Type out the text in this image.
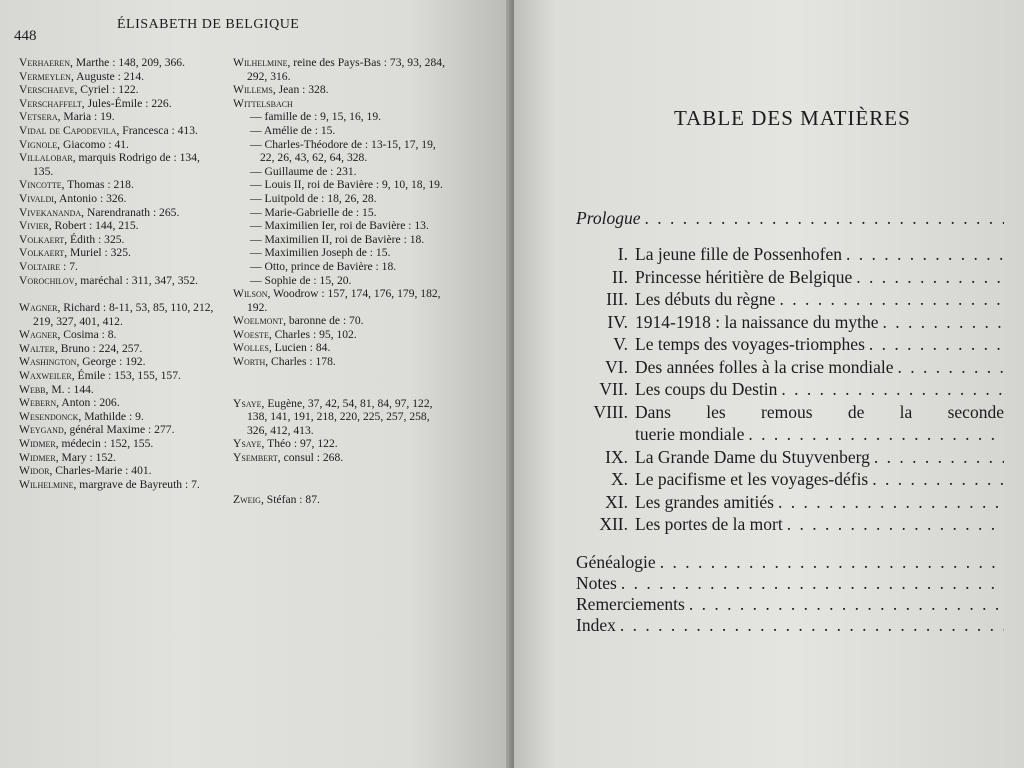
448
ÉLISABETH DE BELGIQUE
Verhaeren, Marthe : 148, 209, 366.
Vermeylen, Auguste : 214.
Verschaeve, Cyriel : 122.
Verschaffelt, Jules-Émile : 226.
Vetsera, Maria : 19.
Vidal de Capodevila, Francesca : 413.
Vignole, Giacomo : 41.
Villalobar, marquis Rodrigo de : 134, 135.
Vincotte, Thomas : 218.
Vivaldi, Antonio : 326.
Vivekananda, Narendranath : 265.
Vivier, Robert : 144, 215.
Volkaert, Édith : 325.
Volkaert, Muriel : 325.
Voltaire : 7.
Vorochilov, maréchal : 311, 347, 352.
Wagner, Richard : 8-11, 53, 85, 110, 212, 219, 327, 401, 412.
Wagner, Cosima : 8.
Walter, Bruno : 224, 257.
Washington, George : 192.
Waxweiler, Émile : 153, 155, 157.
Webb, M. : 144.
Webern, Anton : 206.
Wesendonck, Mathilde : 9.
Weygand, général Maxime : 277.
Widmer, médecin : 152, 155.
Widmer, Mary : 152.
Widor, Charles-Marie : 401.
Wilhelmine, margrave de Bayreuth : 7.
Wilhelmine, reine des Pays-Bas : 73, 93, 284, 292, 316.
Willems, Jean : 328.
Wittelsbach
— famille de : 9, 15, 16, 19.
— Amélie de : 15.
— Charles-Théodore de : 13-15, 17, 19, 22, 26, 43, 62, 64, 328.
— Guillaume de : 231.
— Louis II, roi de Bavière : 9, 10, 18, 19.
— Luitpold de : 18, 26, 28.
— Marie-Gabrielle de : 15.
— Maximilien Ier, roi de Bavière : 13.
— Maximilien II, roi de Bavière : 18.
— Maximilien Joseph de : 15.
— Otto, prince de Bavière : 18.
— Sophie de : 15, 20.
Wilson, Woodrow : 157, 174, 176, 179, 182, 192.
Woelmont, baronne de : 70.
Woeste, Charles : 95, 102.
Wolles, Lucien : 84.
Worth, Charles : 178.
Ysaye, Eugène, 37, 42, 54, 81, 84, 97, 122, 138, 141, 191, 218, 220, 225, 257, 258, 326, 412, 413.
Ysaye, Théo : 97, 122.
Ysembert, consul : 268.
Zweig, Stéfan : 87.
TABLE DES MATIÈRES
Prologue
. . .
I. La jeune fille de Possenhofen
. . .
II. Princesse héritière de Belgique
. . .
III. Les débuts du règne
. . .
IV. 1914-1918 : la naissance du mythe
. . .
V. Le temps des voyages-triomphes
. . .
VI. Des années folles à la crise mondiale
. . .
VII. Les coups du Destin
. . .
VIII. Dans les remous de la seconde
tuerie mondiale
. . .
IX. La Grande Dame du Stuyvenberg
. . .
X. Le pacifisme et les voyages-défis
. . .
XI. Les grandes amitiés
. . .
XII. Les portes de la mort
. . .
Généalogie
. . .
Notes
. . .
Remerciements
. . .
Index
. . .
